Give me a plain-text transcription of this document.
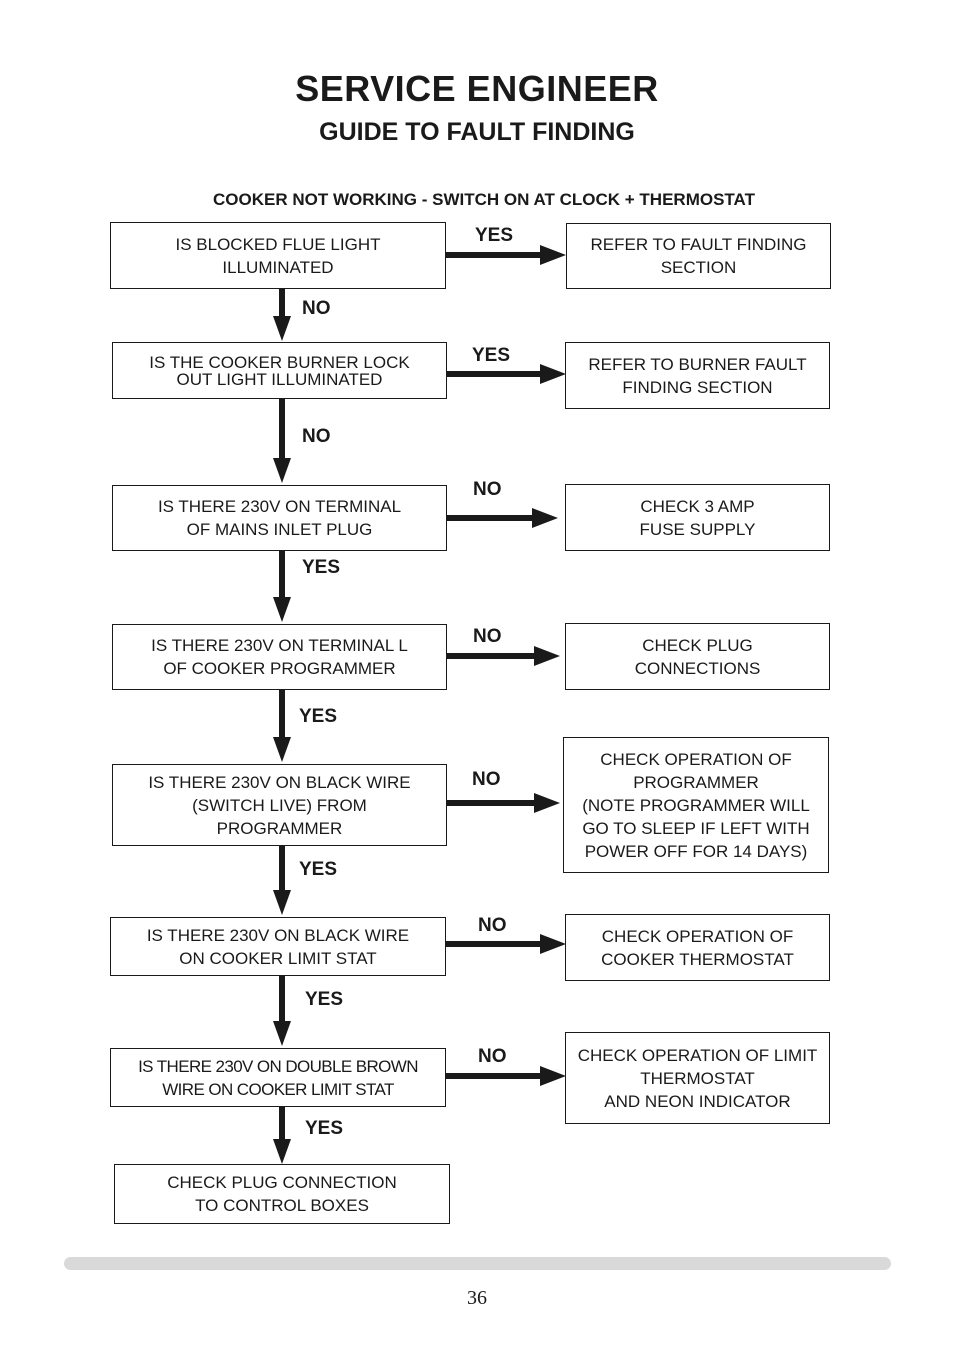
SERVICE ENGINEER
GUIDE TO FAULT FINDING
COOKER NOT WORKING - SWITCH ON AT CLOCK + THERMOSTAT
IS BLOCKED FLUE LIGHT
ILLUMINATED
IS THE COOKER BURNER LOCK
OUT LIGHT ILLUMINATED
IS THERE 230V ON TERMINAL
OF MAINS INLET PLUG
IS THERE 230V ON TERMINAL L
OF COOKER PROGRAMMER
IS THERE 230V ON BLACK WIRE
(SWITCH LIVE) FROM
PROGRAMMER
IS THERE 230V ON BLACK WIRE
ON COOKER LIMIT STAT
IS THERE 230V ON DOUBLE BROWN
WIRE ON COOKER LIMIT STAT
REFER TO FAULT FINDING
SECTION
REFER TO BURNER FAULT
FINDING SECTION
CHECK 3 AMP
FUSE SUPPLY
CHECK PLUG
CONNECTIONS
CHECK OPERATION OF
PROGRAMMER
(NOTE PROGRAMMER WILL
GO TO SLEEP IF LEFT WITH
POWER OFF FOR 14 DAYS)
CHECK OPERATION OF
COOKER THERMOSTAT
CHECK OPERATION OF LIMIT
THERMOSTAT
AND NEON INDICATOR
CHECK PLUG CONNECTION
TO CONTROL BOXES
YES
YES
NO
NO
NO
NO
NO
NO
NO
YES
YES
YES
YES
YES
36
